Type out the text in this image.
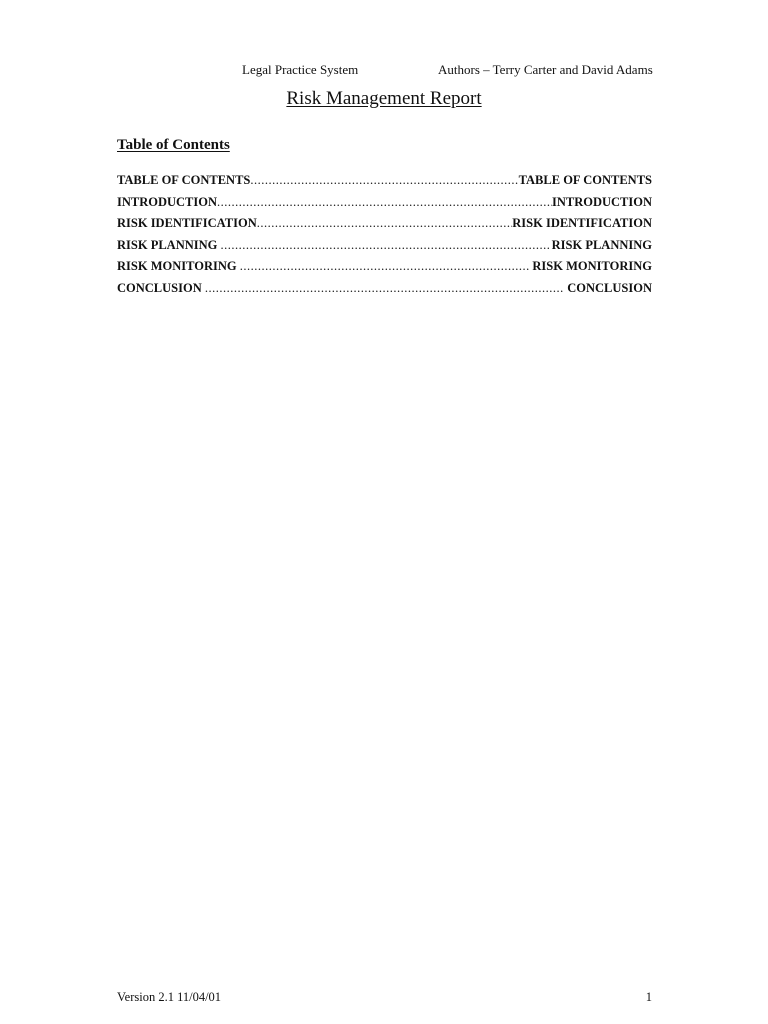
Legal Practice System	Authors – Terry Carter and David Adams
Risk Management Report
Table of Contents
TABLE OF CONTENTS .....	TABLE OF CONTENTS
INTRODUCTION .....	INTRODUCTION
RISK IDENTIFICATION .....	RISK IDENTIFICATION
RISK PLANNING .....	RISK PLANNING
RISK MONITORING .....	RISK MONITORING
CONCLUSION .....	CONCLUSION
Version 2.1 11/04/01	1
